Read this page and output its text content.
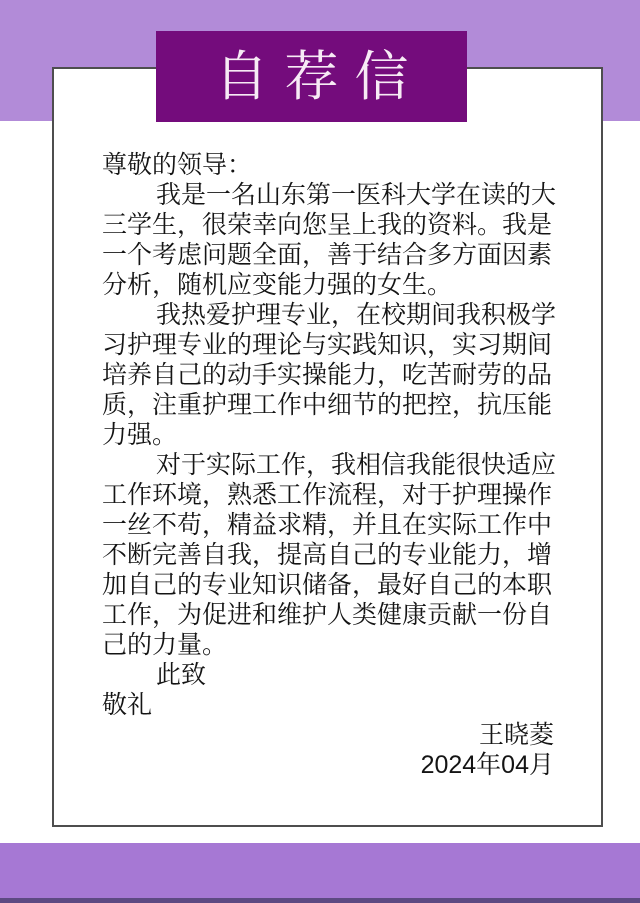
自荐信
尊敬的领导：
我是一名山东第一医科大学在读的大
三学生，很荣幸向您呈上我的资料。我是
一个考虑问题全面，善于结合多方面因素
分析，随机应变能力强的女生。
我热爱护理专业，在校期间我积极学
习护理专业的理论与实践知识，实习期间
培养自己的动手实操能力，吃苦耐劳的品
质，注重护理工作中细节的把控，抗压能
力强。
对于实际工作，我相信我能很快适应
工作环境，熟悉工作流程，对于护理操作
一丝不苟，精益求精，并且在实际工作中
不断完善自我，提高自己的专业能力，增
加自己的专业知识储备，最好自己的本职
工作，为促进和维护人类健康贡献一份自
己的力量。
此致
敬礼
王晓菱
2024年04月
